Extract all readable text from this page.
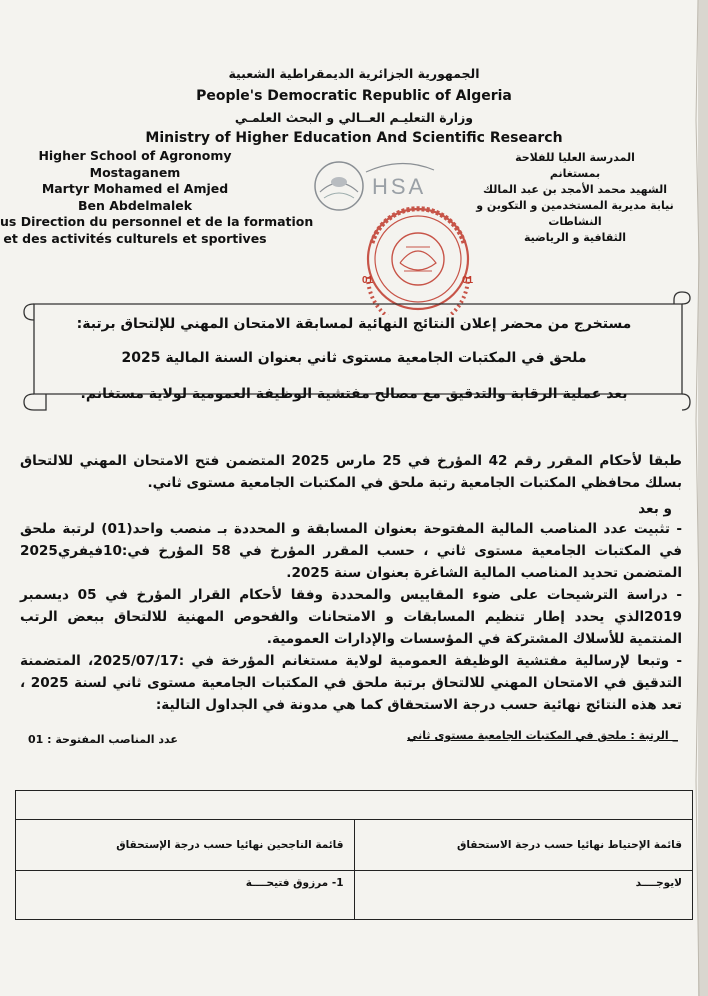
الجمهورية الجزائرية الديمقراطية الشعبية
People's Democratic Republic of Algeria
وزارة التعليـم العــالي و البحث العلمـي
Ministry of Higher Education And Scientific Research
Higher School of Agronomy
Mostaganem
Martyr Mohamed el Amjed
Ben Abdelmalek
us Direction du personnel et de la formation
et des activités culturels et sportives
المدرسة العليا للفلاحة
بمستغانم
الشهيد محمد الأمجد بن عبد المالك
نيابة مديرية المستخدمين و التكوين و النشاطات
الثقافية و الرياضية
HSA
01	01
مستخرج من محضر إعلان النتائج النهائية لمسابقة الامتحان المهني للإلتحاق برتبة:
ملحق في المكتبات الجامعية مستوى ثاني بعنوان السنة المالية 2025
بعد عملية الرقابة والتدقيق مع مصالح مفتشية الوظيفة العمومية لولاية مستغانم.
طبقا لأحكام المقرر رقم 42 المؤرخ في 25 مارس 2025 المتضمن فتح الامتحان المهني للالتحاق بسلك محافظي المكتبات الجامعية رتبة ملحق في المكتبات الجامعية مستوى ثاني.
و بعد
- تثبيت عدد المناصب المالية المفتوحة بعنوان المسابقة و المحددة بـ منصب واحد(01) لرتبة ملحق في المكتبات الجامعية مستوى ثاني ، حسب المقرر المؤرخ في 58 المؤرخ في:10فيفري2025 المتضمن تحديد المناصب المالية الشاغرة بعنوان سنة 2025.
- دراسة الترشيحات على ضوء المقاييس والمحددة وفقا لأحكام القرار المؤرخ في 05 ديسمبر 2019الذي يحدد إطار تنظيم المسابقات و الامتحانات والفحوص المهنية للالتحاق ببعض الرتب المنتمية للأسلاك المشتركة في المؤسسات والإدارات العمومية.
- وتبعا لإرسالية مفتشية الوظيفة العمومية لولاية مستغانم المؤرخة في :2025/07/17، المتضمنة التدقيق في الامتحان المهني للالتحاق برتبة ملحق في المكتبات الجامعية مستوى ثاني لسنة 2025 ، تعد هذه النتائج نهائية حسب درجة الاستحقاق كما هي مدونة في الجداول التالية:
_ الرتبة : ملحق في المكتبات الجامعية مستوى ثاني
عدد المناصب المفتوحة : 01

قائمة الناجحين نهائيا حسب درجة الإستحقاق	قائمة الإحتياط نهائيا حسب درجة الاستحقاق
1- مرزوق فتيحــــة	لايوجــــد
